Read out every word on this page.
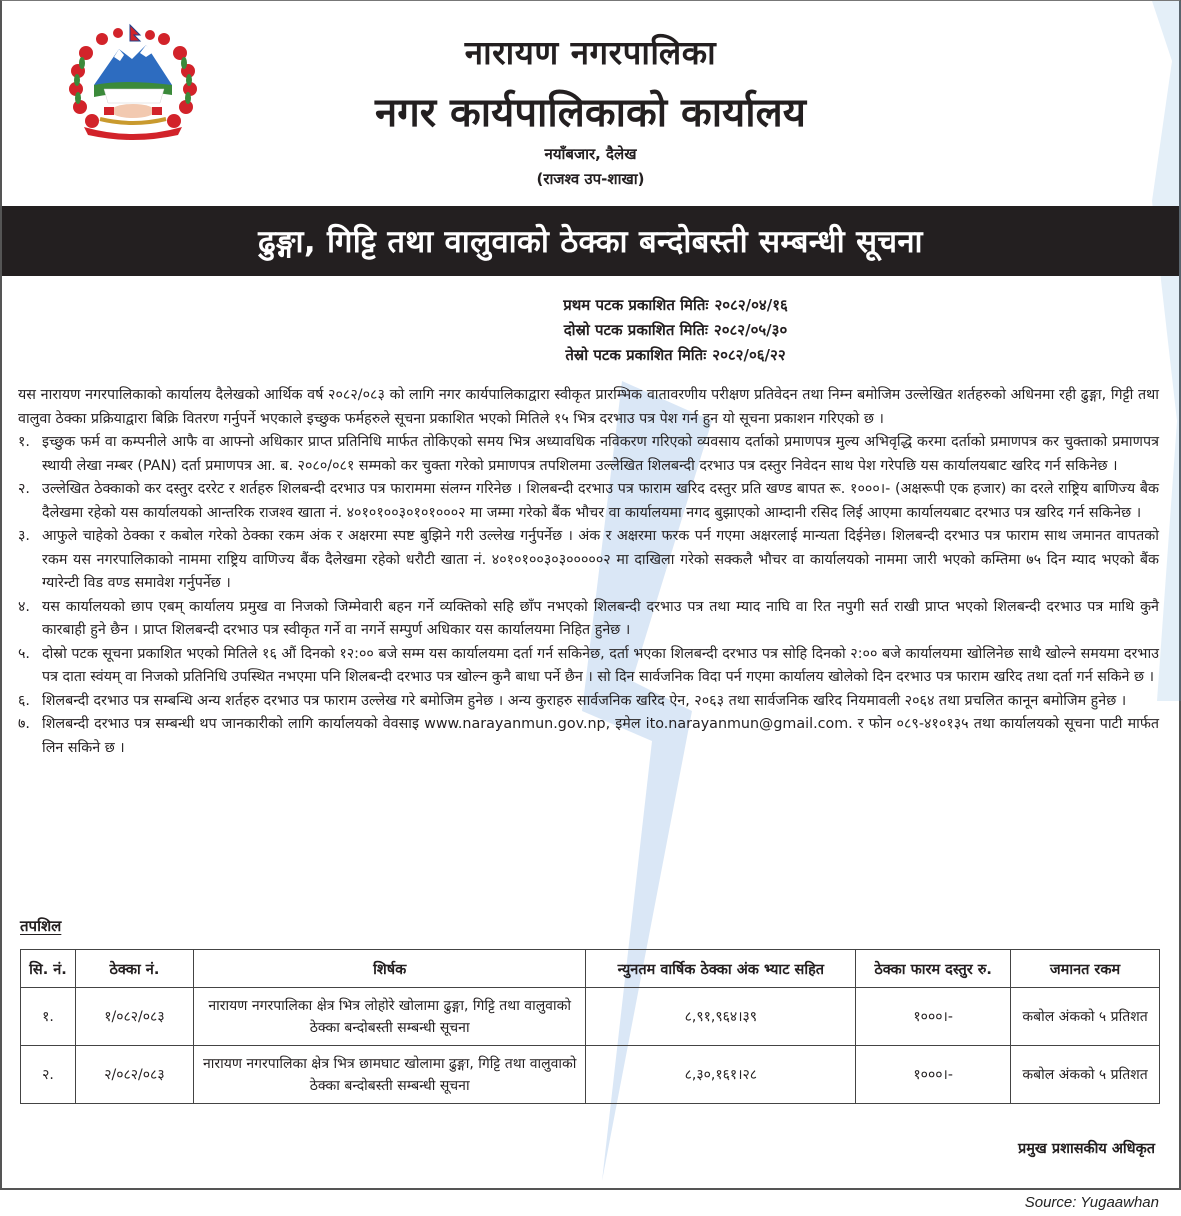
नारायण नगरपालिका
नगर कार्यपालिकाको कार्यालय
नयाँबजार, दैलेख
(राजश्व उप-शाखा)
ढुङ्गा, गिट्टि तथा वालुवाको ठेक्का बन्दोबस्ती सम्बन्धी सूचना
प्रथम पटक प्रकाशित मितिः २०८२/०४/१६
दोस्रो पटक प्रकाशित मितिः २०८२/०५/३०
तेस्रो पटक प्रकाशित मितिः २०८२/०६/२२

यस नारायण नगरपालिकाको कार्यालय दैलेखको आर्थिक वर्ष २०८२/०८३ को लागि नगर कार्यपालिकाद्वारा स्वीकृत प्रारम्भिक वातावरणीय परीक्षण प्रतिवेदन तथा निम्न बमोजिम उल्लेखित शर्तहरुको अधिनमा रही ढुङ्गा, गिट्टी तथा वालुवा ठेक्का प्रक्रियाद्वारा बिक्रि वितरण गर्नुपर्ने भएकाले इच्छुक फर्महरुले सूचना प्रकाशित भएको मितिले १५ भित्र दरभाउ पत्र पेश गर्न हुन यो सूचना प्रकाशन गरिएको छ ।

१. इच्छुक फर्म वा कम्पनीले आफै वा आफ्नो अधिकार प्राप्त प्रतिनिधि मार्फत तोकिएको समय भित्र अध्यावधिक नविकरण गरिएको व्यवसाय दर्ताको प्रमाणपत्र मुल्य अभिवृद्धि करमा दर्ताको प्रमाणपत्र कर चुक्ताको प्रमाणपत्र स्थायी लेखा नम्बर (PAN) दर्ता प्रमाणपत्र आ. ब. २०८०/०८१ सम्मको कर चुक्ता गरेको प्रमाणपत्र तपशिलमा उल्लेखित शिलबन्दी दरभाउ पत्र दस्तुर निवेदन साथ पेश गरेपछि यस कार्यालयबाट खरिद गर्न सकिनेछ ।
२. उल्लेखित ठेक्काको कर दस्तुर दररेट र शर्तहरु शिलबन्दी दरभाउ पत्र फाराममा संलग्न गरिनेछ । शिलबन्दी दरभाउ पत्र फाराम खरिद दस्तुर प्रति खण्ड बापत रू. १०००।- (अक्षरूपी एक हजार) का दरले राष्ट्रिय बाणिज्य बैक दैलेखमा रहेको यस कार्यालयको आन्तरिक राजश्व खाता नं. ४०१०१००३०१०१०००२ मा जम्मा गरेको बैंक भौचर वा कार्यालयमा नगद बुझाएको आम्दानी रसिद लिई आएमा कार्यालयबाट दरभाउ पत्र खरिद गर्न सकिनेछ ।
३. आफुले चाहेको ठेक्का र कबोल गरेको ठेक्का रकम अंक र अक्षरमा स्पष्ट बुझिने गरी उल्लेख गर्नुपर्नेछ । अंक र अक्षरमा फरक पर्न गएमा अक्षरलाई मान्यता दिईनेछ। शिलबन्दी दरभाउ पत्र फाराम साथ जमानत वापतको रकम यस नगरपालिकाको नाममा राष्ट्रिय वाणिज्य बैंक दैलेखमा रहेको धरौटी खाता नं. ४०१०१००३०३०००००२ मा दाखिला गरेको सक्कलै भौचर वा कार्यालयको नाममा जारी भएको कम्तिमा ७५ दिन म्याद भएको बैंक ग्यारेन्टी विड वण्ड समावेश गर्नुपर्नेछ ।
४. यस कार्यालयको छाप एबम् कार्यालय प्रमुख वा निजको जिम्मेवारी बहन गर्ने व्यक्तिको सहि छाँप नभएको शिलबन्दी दरभाउ पत्र तथा म्याद नाघि वा रित नपुगी सर्त राखी प्राप्त भएको शिलबन्दी दरभाउ पत्र माथि कुनै कारबाही हुने छैन । प्राप्त शिलबन्दी दरभाउ पत्र स्वीकृत गर्ने वा नगर्ने सम्पुर्ण अधिकार यस कार्यालयमा निहित हुनेछ ।
५. दोस्रो पटक सूचना प्रकाशित भएको मितिले १६ औं दिनको १२:०० बजे सम्म यस कार्यालयमा दर्ता गर्न सकिनेछ, दर्ता भएका शिलबन्दी दरभाउ पत्र सोहि दिनको २:०० बजे कार्यालयमा खोलिनेछ साथै खोल्ने समयमा दरभाउ पत्र दाता स्वंयम् वा निजको प्रतिनिधि उपस्थित नभएमा पनि शिलबन्दी दरभाउ पत्र खोल्न कुनै बाधा पर्ने छैन । सो दिन सार्वजनिक विदा पर्न गएमा कार्यालय खोलेको दिन दरभाउ पत्र फाराम खरिद तथा दर्ता गर्न सकिने छ ।
६. शिलबन्दी दरभाउ पत्र सम्बन्धि अन्य शर्तहरु दरभाउ पत्र फाराम उल्लेख गरे बमोजिम हुनेछ । अन्य कुराहरु सार्वजनिक खरिद ऐन, २०६३ तथा सार्वजनिक खरिद नियमावली २०६४ तथा प्रचलित कानून बमोजिम हुनेछ ।
७. शिलबन्दी दरभाउ पत्र सम्बन्धी थप जानकारीको लागि कार्यालयको वेवसाइ www.narayanmun.gov.np, इमेल ito.narayanmun@gmail.com. र फोन ०८९-४१०१३५ तथा कार्यालयको सूचना पाटी मार्फत लिन सकिने छ ।
तपशिल
सि. नं.	ठेक्का नं.	शिर्षक	न्युनतम वार्षिक ठेक्का अंक भ्याट सहित	ठेक्का फारम दस्तुर रु.	जमानत रकम
१.	१/०८२/०८३	नारायण नगरपालिका क्षेत्र भित्र लोहोरे खोलामा ढुङ्गा, गिट्टि तथा वालुवाको ठेक्का बन्दोबस्ती सम्बन्धी सूचना	८,९१,९६४।३९	१०००।-	कबोल अंकको ५ प्रतिशत
२.	२/०८२/०८३	नारायण नगरपालिका क्षेत्र भित्र छामघाट खोलामा ढुङ्गा, गिट्टि तथा वालुवाको ठेक्का बन्दोबस्ती सम्बन्धी सूचना	८,३०,१६१।२८	१०००।-	कबोल अंकको ५ प्रतिशत
प्रमुख प्रशासकीय अधिकृत
Source: Yugaawhan
